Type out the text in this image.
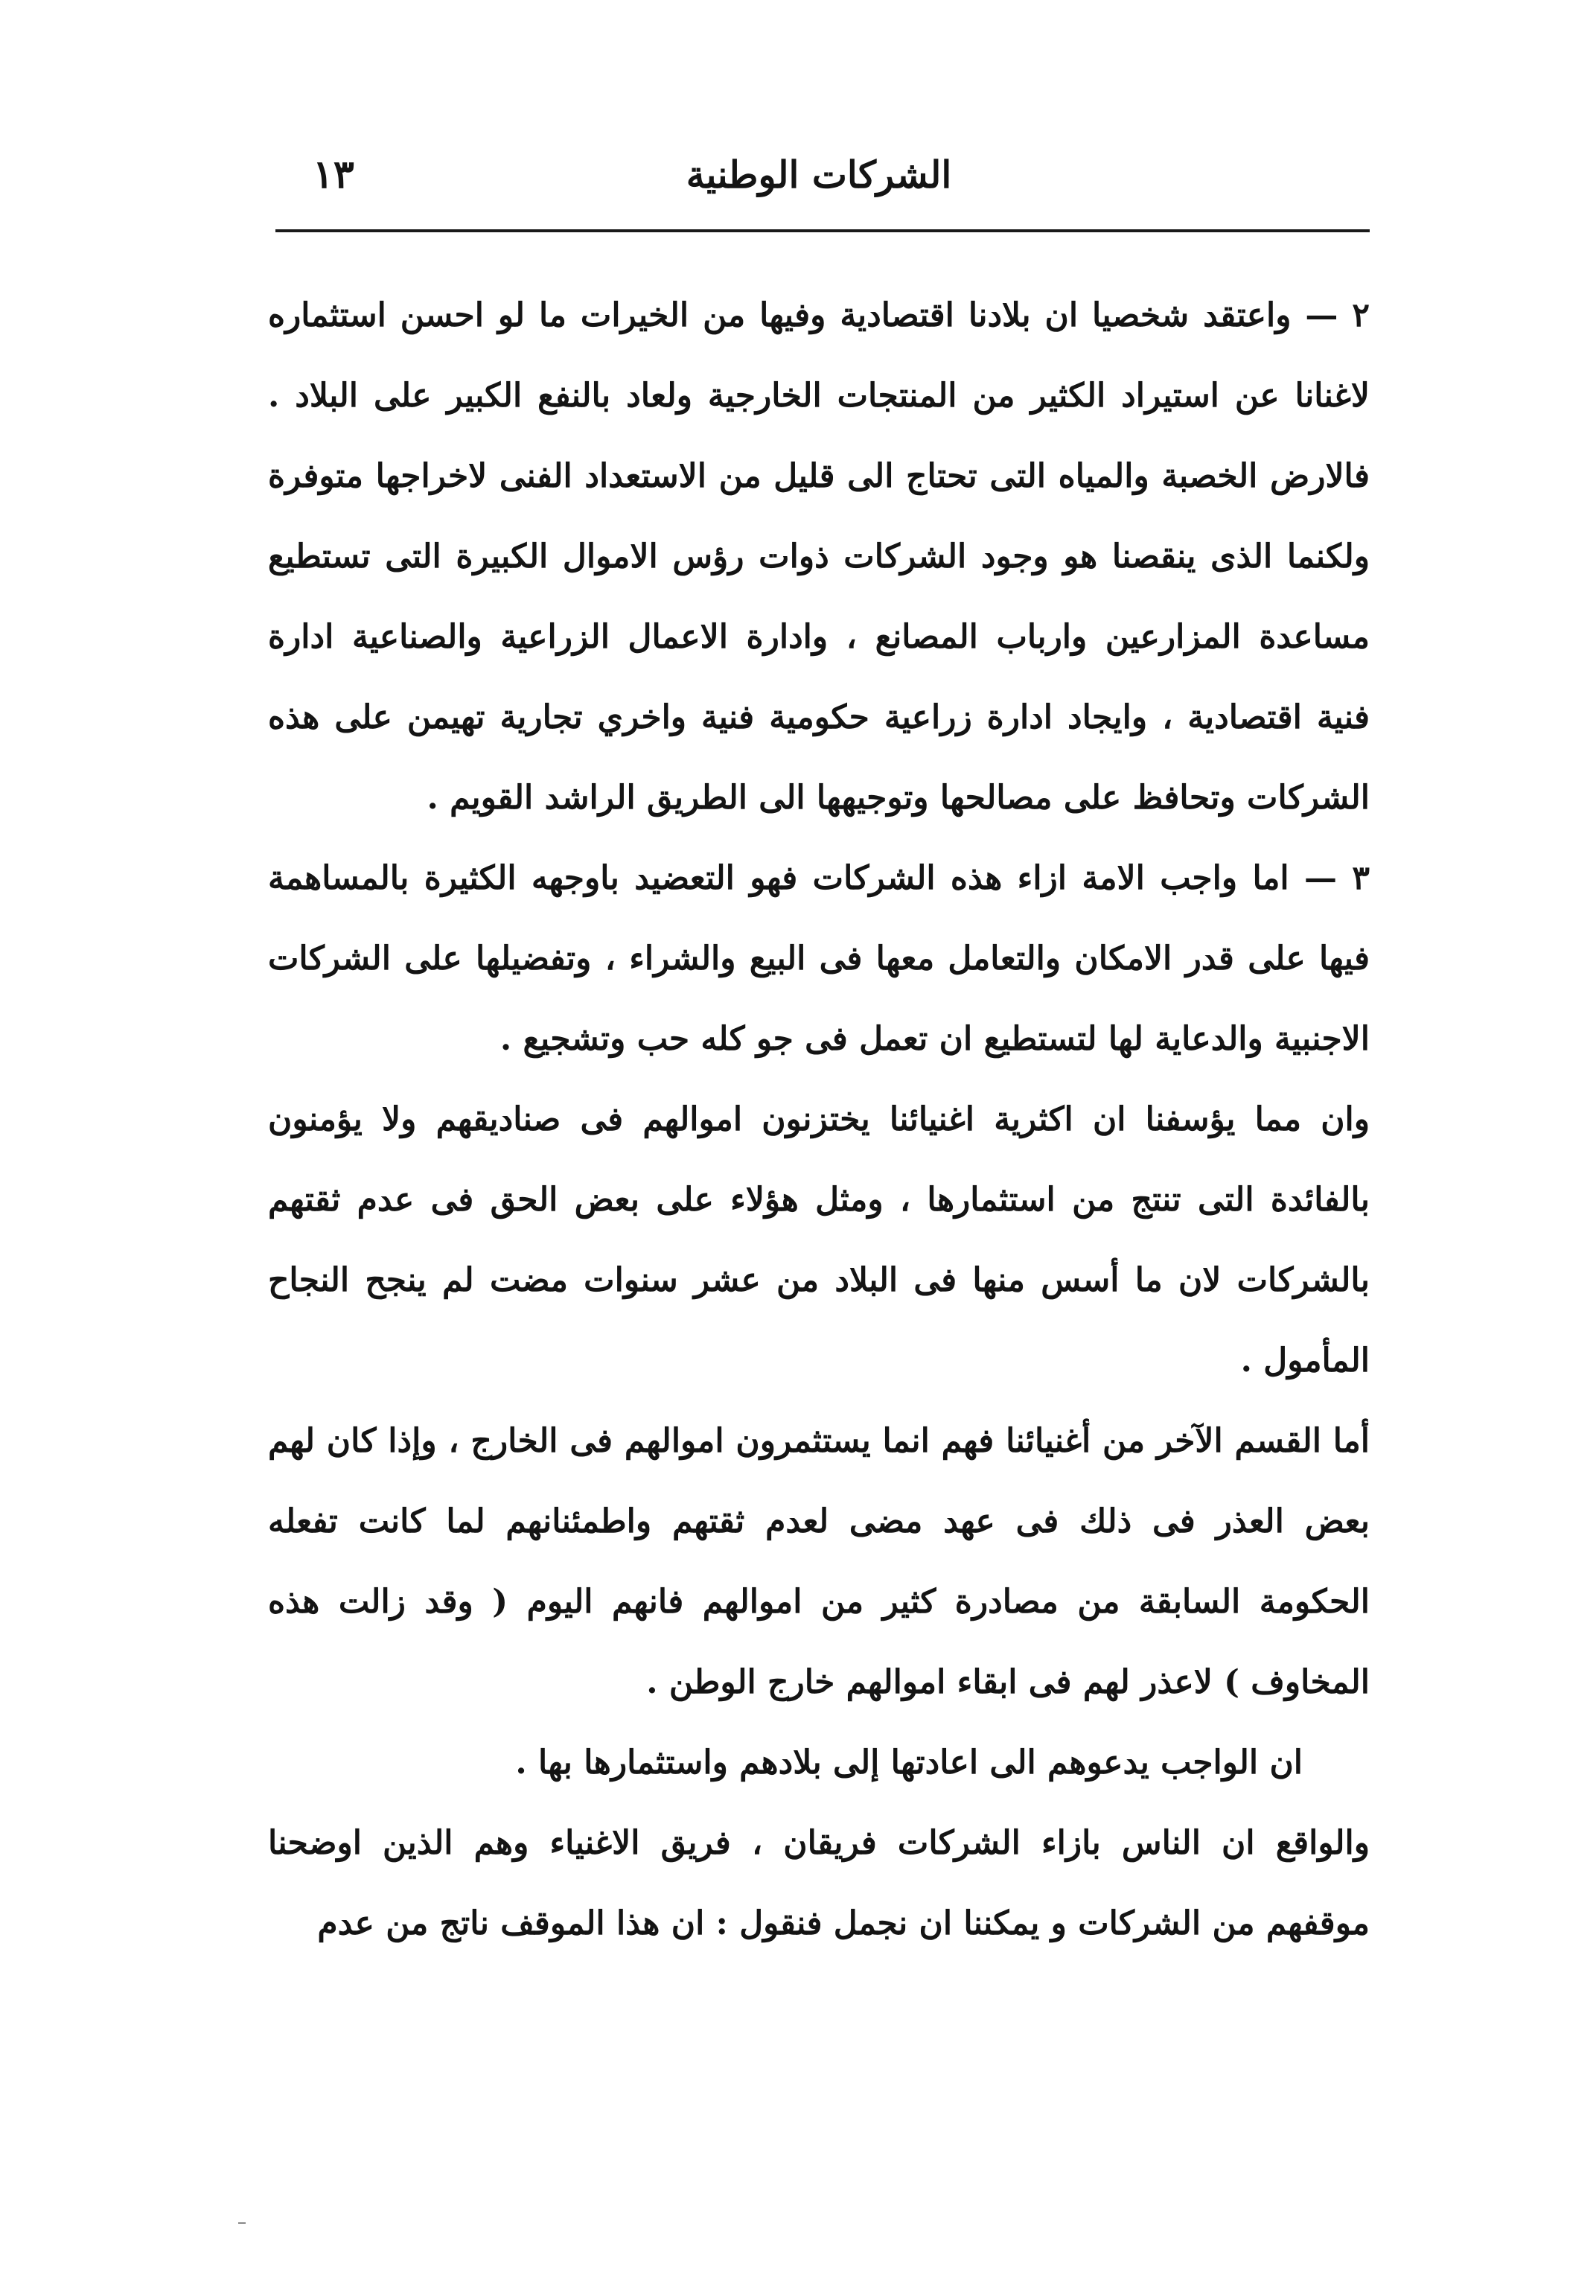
الشركات الوطنية
١٣

٢ — واعتقد شخصيا ان بلادنا اقتصادية وفيها من الخيرات ما لو احسن استثماره لاغنانا عن استيراد الكثير من المنتجات الخارجية ولعاد بالنفع الكبير على البلاد . فالارض الخصبة والمياه التى تحتاج الى قليل من الاستعداد الفنى لاخراجها متوفرة ولكنما الذى ينقصنا هو وجود الشركات ذوات رؤس الاموال الكبيرة التى تستطيع مساعدة المزارعين وارباب المصانع ، وادارة الاعمال الزراعية والصناعية ادارة فنية اقتصادية ، وايجاد ادارة زراعية حكومية فنية واخري تجارية تهيمن على هذه الشركات وتحافظ على مصالحها وتوجيهها الى الطريق الراشد القويم .

٣ — اما واجب الامة ازاء هذه الشركات فهو التعضيد باوجهه الكثيرة بالمساهمة فيها على قدر الامكان والتعامل معها فى البيع والشراء ، وتفضيلها على الشركات الاجنبية والدعاية لها لتستطيع ان تعمل فى جو كله حب وتشجيع .

وان مما يؤسفنا ان اكثرية اغنيائنا يختزنون اموالهم فى صناديقهم ولا يؤمنون بالفائدة التى تنتج من استثمارها ، ومثل هؤلاء على بعض الحق فى عدم ثقتهم بالشركات لان ما أسس منها فى البلاد من عشر سنوات مضت لم ينجح النجاح المأمول .

أما القسم الآخر من أغنيائنا فهم انما يستثمرون اموالهم فى الخارج ، وإذا كان لهم بعض العذر فى ذلك فى عهد مضى لعدم ثقتهم واطمئنانهم لما كانت تفعله الحكومة السابقة من مصادرة كثير من اموالهم فانهم اليوم ( وقد زالت هذه المخاوف ) لاعذر لهم فى ابقاء اموالهم خارج الوطن .

ان الواجب يدعوهم الى اعادتها إلى بلادهم واستثمارها بها .

والواقع ان الناس بازاء الشركات فريقان ، فريق الاغنياء وهم الذين اوضحنا موقفهم من الشركات و يمكننا ان نجمل فنقول : ان هذا الموقف ناتج من عدم
